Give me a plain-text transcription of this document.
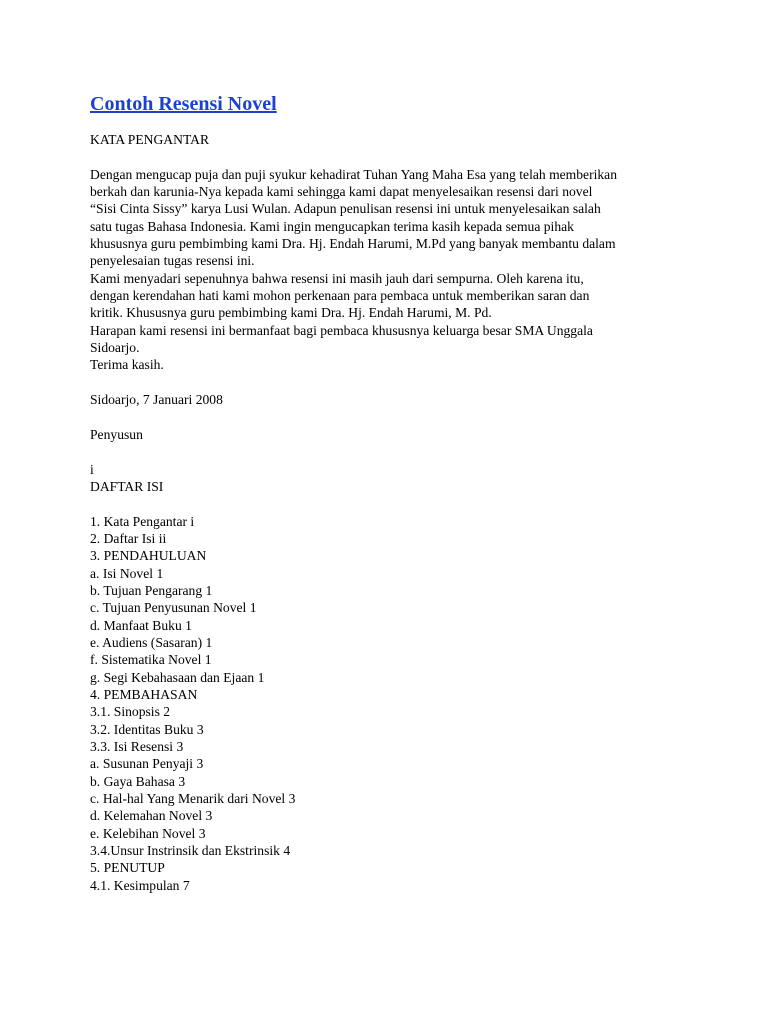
Contoh Resensi Novel
KATA PENGANTAR
Dengan mengucap puja dan puji syukur kehadirat Tuhan Yang Maha Esa yang telah memberikan
berkah dan karunia-Nya kepada kami sehingga kami dapat menyelesaikan resensi dari novel
“Sisi Cinta Sissy” karya Lusi Wulan. Adapun penulisan resensi ini untuk menyelesaikan salah
satu tugas Bahasa Indonesia. Kami ingin mengucapkan terima kasih kepada semua pihak
khususnya guru pembimbing kami Dra. Hj. Endah Harumi, M.Pd yang banyak membantu dalam
penyelesaian tugas resensi ini.
Kami menyadari sepenuhnya bahwa resensi ini masih jauh dari sempurna. Oleh karena itu,
dengan kerendahan hati kami mohon perkenaan para pembaca untuk memberikan saran dan
kritik. Khususnya guru pembimbing kami Dra. Hj. Endah Harumi, M. Pd.
Harapan kami resensi ini bermanfaat bagi pembaca khususnya keluarga besar SMA Unggala
Sidoarjo.
Terima kasih.
Sidoarjo, 7 Januari 2008
Penyusun
i
DAFTAR ISI
1. Kata Pengantar i
2. Daftar Isi ii
3. PENDAHULUAN
a. Isi Novel 1
b. Tujuan Pengarang 1
c. Tujuan Penyusunan Novel 1
d. Manfaat Buku 1
e. Audiens (Sasaran) 1
f. Sistematika Novel 1
g. Segi Kebahasaan dan Ejaan 1
4. PEMBAHASAN
3.1. Sinopsis 2
3.2. Identitas Buku 3
3.3. Isi Resensi 3
a. Susunan Penyaji 3
b. Gaya Bahasa 3
c. Hal-hal Yang Menarik dari Novel 3
d. Kelemahan Novel 3
e. Kelebihan Novel 3
3.4.Unsur Instrinsik dan Ekstrinsik 4
5. PENUTUP
4.1. Kesimpulan 7
